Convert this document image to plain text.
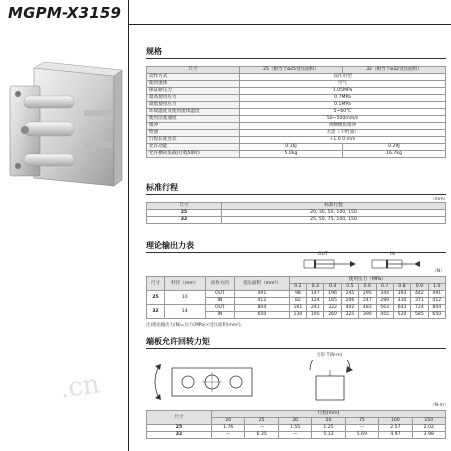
MGPM-X3159
.cn
规格
尺寸	25（相当于ø25受压面积）	32（相当于ø32受压面积）
动作方式	双作用型	
使用流体	空气	
保证耐压力	1.05MPa	
最高使用压力	0.7MPa	
最低使用压力	0.1MPa	
环境温度及使用流体温度	5~60℃	
使用活塞速度	50~500mm/s	
缓冲	两侧橡胶缓冲	
给油	无需（不给油）	
行程长度允差	+1.0 0 mm	
允许动能	0.16J	0.29J
允许横向负载(行程50时)	5.0kg	16.7kg
标准行程
（mm）
尺寸	标准行程
25	20, 30, 50, 100, 150
32	25, 50, 75, 100, 150
理论输出力表
OUT	IN
（N）
尺寸	杆径（mm）	动作方向	受压面积（mm²）	使用压力（MPa）								
				0.2	0.3	0.4	0.5	0.6	0.7	0.8	0.9	1.0
25	10	OUT	491	98	147	196	245	295	344	393	442	491
		IN	412	82	124	165	206	247	289	330	371	412
32	14	OUT	804	161	241	322	402	483	563	643	724	804
		IN	650	130	195	260	325	390	455	520	585	650
注)理论输出力(N)=压力(MPa)×受压面积(mm²)。
端板允许回转力矩
力矩 T(N·m)
（N·m）
尺寸	行程(mm)						
	20	25	30	50	75	100	150
25	1.76	—	1.55	1.25	—	2.57	2.02
32	—	6.35	—	5.13	5.69	4.97	3.98
